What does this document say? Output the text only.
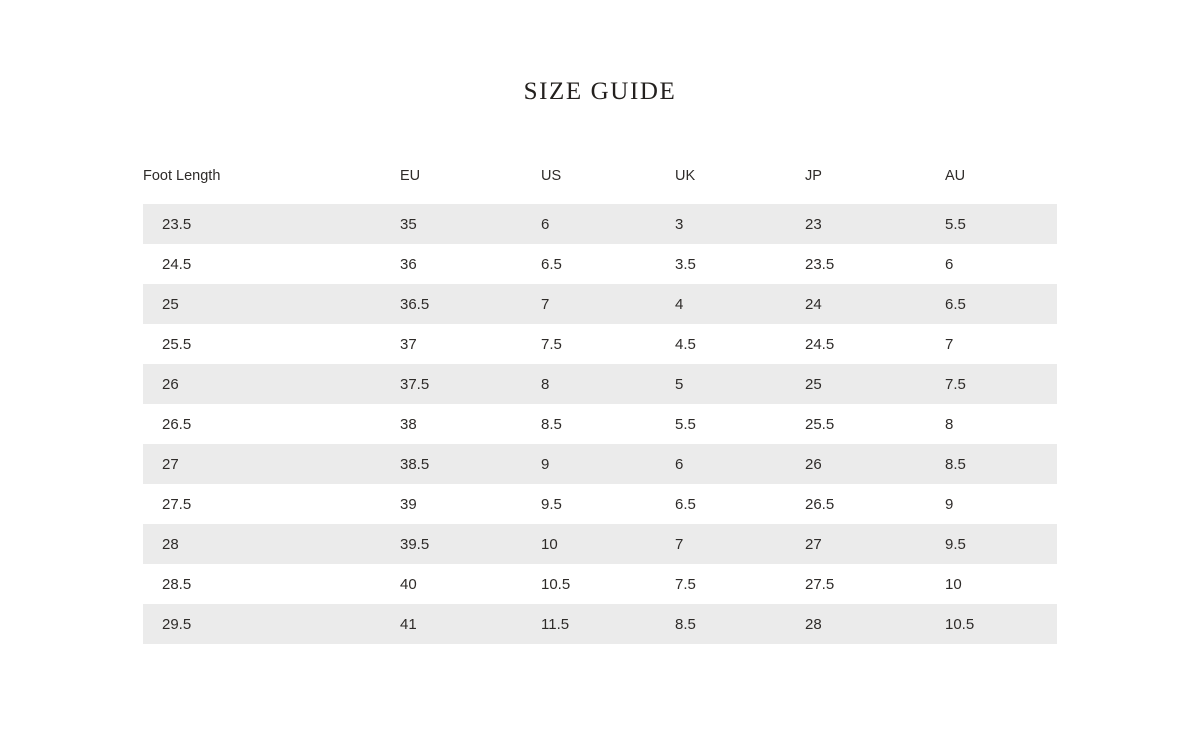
SIZE GUIDE
Foot Length	EU	US	UK	JP	AU
23.5	35	6	3	23	5.5
24.5	36	6.5	3.5	23.5	6
25	36.5	7	4	24	6.5
25.5	37	7.5	4.5	24.5	7
26	37.5	8	5	25	7.5
26.5	38	8.5	5.5	25.5	8
27	38.5	9	6	26	8.5
27.5	39	9.5	6.5	26.5	9
28	39.5	10	7	27	9.5
28.5	40	10.5	7.5	27.5	10
29.5	41	11.5	8.5	28	10.5
